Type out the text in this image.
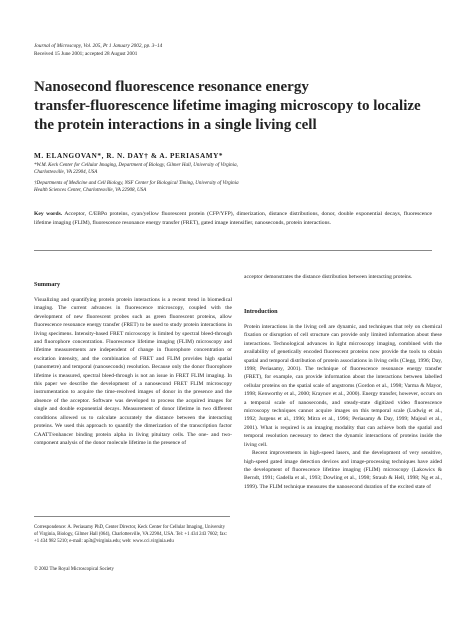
Journal of Microscopy, Vol. 205, Pt 1 January 2002, pp. 3–14
Received 15 June 2001; accepted 28 August 2001
Nanosecond fluorescence resonance energy
transfer-fluorescence lifetime imaging microscopy to localize
the protein interactions in a single living cell
M. ELANGOVAN*, R. N. DAY† & A. PERIASAMY*
*W.M. Keck Center for Cellular Imaging, Department of Biology, Gilmer Hall, University of Virginia,
Charlottesville, VA 22904, USA
†Departments of Medicine and Cell Biology, NSF Center for Biological Timing, University of Virginia
Health Sciences Center, Charlottesville, VA 22908, USA
Key words. Acceptor, C/EBPα proteins, cyan/yellow fluorescent protein (CFP/YFP), dimerization, distance distributions, donor, double exponential decays, fluorescence lifetime imaging (FLIM), fluorescence resonance energy transfer (FRET), gated image intensifier, nanoseconds, protein interactions.
Summary

Visualizing and quantifying protein protein interactions is a recent trend in biomedical imaging. The current advances in fluorescence microscopy, coupled with the development of new fluorescent probes such as green fluorescent proteins, allow fluorescence resonance energy transfer (FRET) to be used to study protein interactions in living specimens. Intensity-based FRET microscopy is limited by spectral bleed-through and fluorophore concentration. Fluorescence lifetime imaging (FLIM) microscopy and lifetime measurements are independent of change in fluorophore concentration or excitation intensity, and the combination of FRET and FLIM provides high spatial (nanometre) and temporal (nanoseconds) resolution. Because only the donor fluorophore lifetime is measured, spectral bleed-through is not an issue in FRET FLIM imaging. In this paper we describe the development of a nanosecond FRET FLIM microscopy instrumentation to acquire the time-resolved images of donor in the presence and the absence of the acceptor. Software was developed to process the acquired images for single and double exponential decays. Measurement of donor lifetime in two different conditions allowed us to calculate accurately the distance between the interacting proteins. We used this approach to quantify the dimerization of the transcription factor CAATT/enhancer binding protein alpha in living pituitary cells. The one- and two-component analysis of the donor molecule lifetime in the presence of

Correspondence: A. Periasamy PhD, Center Director, Keck Center for Cellular Imaging, University of Virginia, Biology, Gilmer Hall (064), Charlottesville, VA 22904, USA. Tel: +1 434 243 7602; fax: +1 434 982 5210; e-mail: ap3t@virginia.edu; web: www.cci.virginia.edu
© 2002 The Royal Microscopical Society

acceptor demonstrates the distance distribution between interacting proteins.

Introduction

Protein interactions in the living cell are dynamic, and techniques that rely on chemical fixation or disruption of cell structure can provide only limited information about these interactions. Technological advances in light microscopy imaging, combined with the availability of genetically encoded fluorescent proteins now provide the tools to obtain spatial and temporal distribution of protein associations in living cells (Clegg, 1996; Day, 1998; Periasamy, 2001). The technique of fluorescence resonance energy transfer (FRET), for example, can provide information about the interactions between labelled cellular proteins on the spatial scale of angstroms (Gordon et al., 1998; Varma & Mayor, 1998; Kenworthy et al., 2000; Kraynov et al., 2000). Energy transfer, however, occurs on a temporal scale of nanoseconds, and steady-state digitized video fluorescence microscopy techniques cannot acquire images on this temporal scale (Ludwig et al., 1992; Jurgens et al., 1996; Mitra et al., 1996; Periasamy & Day, 1999; Majoul et al., 2001). What is required is an imaging modality that can achieve both the spatial and temporal resolution necessary to detect the dynamic interactions of proteins inside the living cell.

Recent improvements in high-speed lasers, and the development of very sensitive, high-speed gated image detection devices and image-processing techniques have aided the development of fluorescence lifetime imaging (FLIM) microscopy (Lakowics & Berndt, 1991; Gadella et al., 1993; Dowling et al., 1998; Straub & Hell, 1998; Ng et al., 1999). The FLIM technique measures the nanosecond duration of the excited state of
